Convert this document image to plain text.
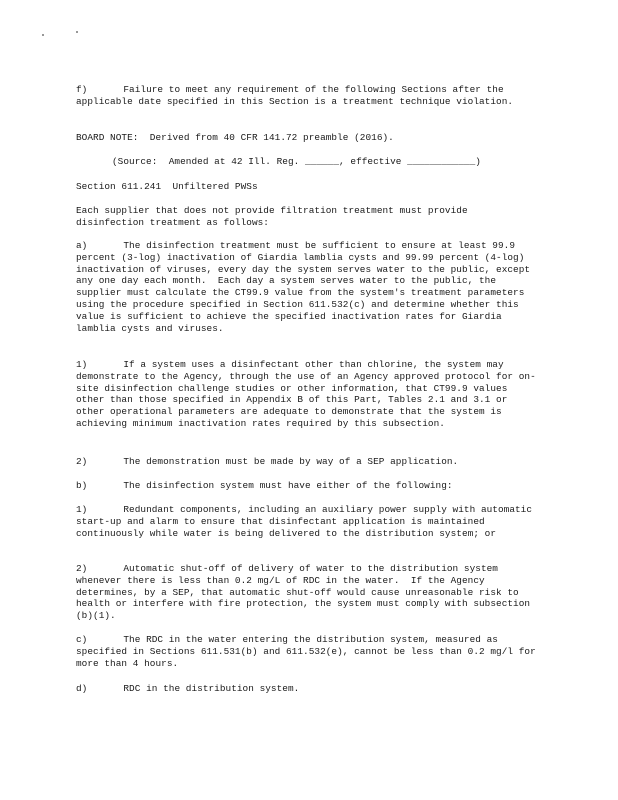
f)	Failure to meet any requirement of the following Sections after the applicable date specified in this Section is a treatment technique violation.

BOARD NOTE:  Derived from 40 CFR 141.72 preamble (2016).

(Source:  Amended at 42 Ill. Reg. ______, effective ____________)

Section 611.241  Unfiltered PWSs

Each supplier that does not provide filtration treatment must provide disinfection treatment as follows:

a)	The disinfection treatment must be sufficient to ensure at least 99.9 percent (3-log) inactivation of Giardia lamblia cysts and 99.99 percent (4-log) inactivation of viruses, every day the system serves water to the public, except any one day each month.  Each day a system serves water to the public, the supplier must calculate the CT99.9 value from the system's treatment parameters using the procedure specified in Section 611.532(c) and determine whether this value is sufficient to achieve the specified inactivation rates for Giardia lamblia cysts and viruses.

1)	If a system uses a disinfectant other than chlorine, the system may demonstrate to the Agency, through the use of an Agency approved protocol for on-site disinfection challenge studies or other information, that CT99.9 values other than those specified in Appendix B of this Part, Tables 2.1 and 3.1 or other operational parameters are adequate to demonstrate that the system is achieving minimum inactivation rates required by this subsection.

2)	The demonstration must be made by way of a SEP application.

b)	The disinfection system must have either of the following:

1)	Redundant components, including an auxiliary power supply with automatic start-up and alarm to ensure that disinfectant application is maintained continuously while water is being delivered to the distribution system; or

2)	Automatic shut-off of delivery of water to the distribution system whenever there is less than 0.2 mg/L of RDC in the water.  If the Agency determines, by a SEP, that automatic shut-off would cause unreasonable risk to health or interfere with fire protection, the system must comply with subsection (b)(1).

c)	The RDC in the water entering the distribution system, measured as specified in Sections 611.531(b) and 611.532(e), cannot be less than 0.2 mg/l for more than 4 hours.

d)	RDC in the distribution system.
